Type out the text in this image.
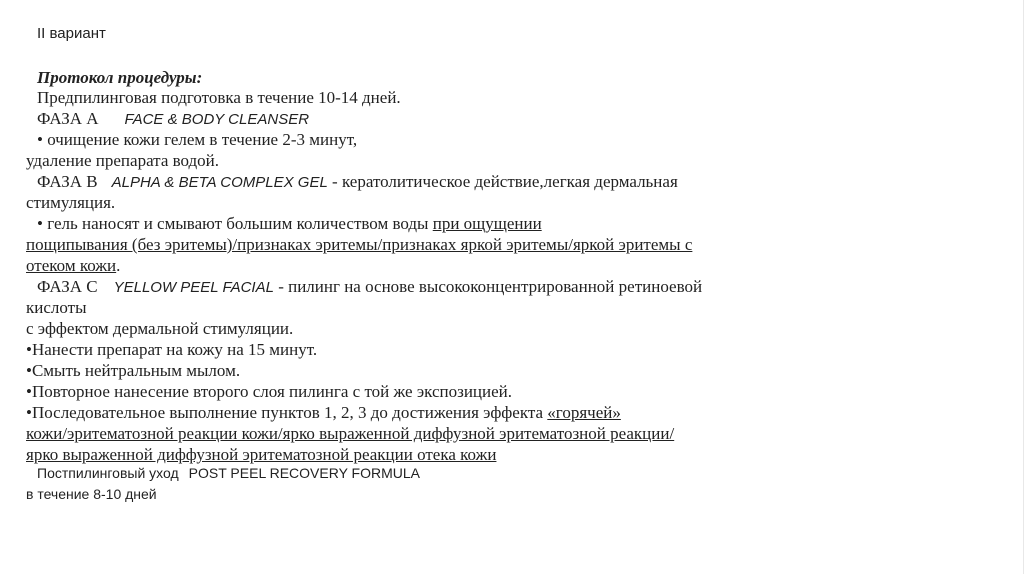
II вариант

Протокол процедуры:

Предпилинговая подготовка в течение 10-14 дней.

ФАЗА А FACE & BODY CLEANSER

• очищение кожи гелем в течение 2-3 минут,

удаление препарата водой.

ФАЗА В ALPHA & BETA COMPLEX GEL - кератолитическое действие,легкая дермальная

стимуляция.

• гель наносят и смывают большим количеством воды при ощущении

пощипывания (без эритемы)/признаках эритемы/признаках яркой эритемы/яркой эритемы с

отеком кожи.

ФАЗА С YELLOW PEEL FACIAL - пилинг на основе высококонцентрированной ретиноевой

кислоты

с эффектом дермальной стимуляции.

•Нанести препарат на кожу на 15 минут.

•Смыть нейтральным мылом.

•Повторное нанесение второго слоя пилинга с той же экспозицией.

•Последовательное выполнение пунктов 1, 2, 3 до достижения эффекта «горячей»

кожи/эритематозной реакции кожи/ярко выраженной диффузной эритематозной реакции/

ярко выраженной диффузной эритематозной реакции отека кожи

Постпилинговый уход POST PEEL RECOVERY FORMULA

в течение 8-10 дней
